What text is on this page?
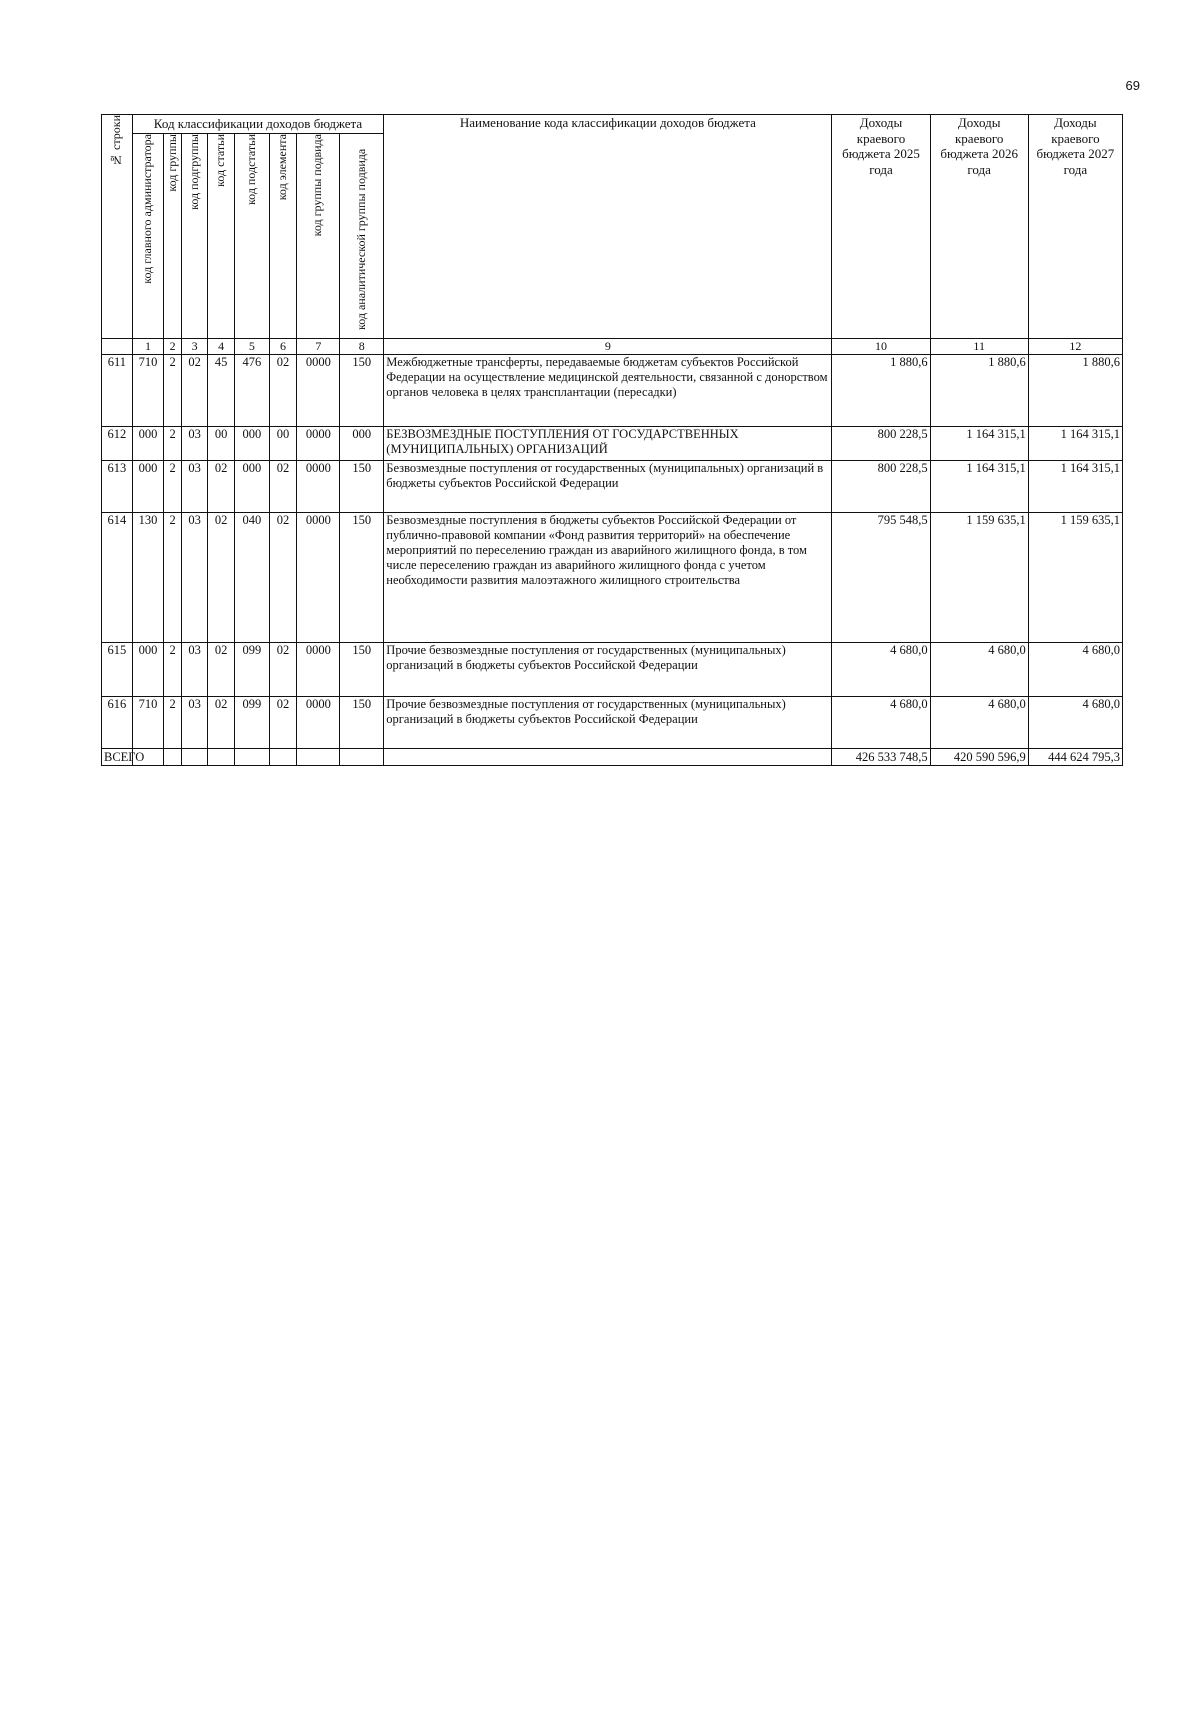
69
№ строки	Код классификации доходов бюджета								Наименование кода классификации доходов бюджета	Доходы краевого бюджета 2025 года	Доходы краевого бюджета 2026 года	Доходы краевого бюджета 2027 года

	код главного администратора	код группы	код подгруппы	код статьи	код подстатьи	код элемента	код группы подвида	код аналитической группы подвида				

	1	2	3	4	5	6	7	8	9	10	11	12
611	710	2	02	45	476	02	0000	150	Межбюджетные трансферты, передаваемые бюджетам субъектов Российской Федерации на осуществление медицинской деятельности, связанной с донорством органов человека в целях трансплантации (пересадки)	1 880,6	1 880,6	1 880,6
612	000	2	03	00	000	00	0000	000	БЕЗВОЗМЕЗДНЫЕ ПОСТУПЛЕНИЯ ОТ ГОСУДАРСТВЕННЫХ (МУНИЦИПАЛЬНЫХ) ОРГАНИЗАЦИЙ	800 228,5	1 164 315,1	1 164 315,1
613	000	2	03	02	000	02	0000	150	Безвозмездные поступления от государственных (муниципальных) организаций в бюджеты субъектов Российской Федерации	800 228,5	1 164 315,1	1 164 315,1
614	130	2	03	02	040	02	0000	150	Безвозмездные поступления в бюджеты субъектов Российской Федерации от публично-правовой компании «Фонд развития территорий» на обеспечение мероприятий по переселению граждан из аварийного жилищного фонда, в том числе переселению граждан из аварийного жилищного фонда с учетом необходимости развития малоэтажного жилищного строительства	795 548,5	1 159 635,1	1 159 635,1
615	000	2	03	02	099	02	0000	150	Прочие безвозмездные поступления от государственных (муниципальных) организаций в бюджеты субъектов Российской Федерации	4 680,0	4 680,0	4 680,0
616	710	2	03	02	099	02	0000	150	Прочие безвозмездные поступления от государственных (муниципальных) организаций в бюджеты субъектов Российской Федерации	4 680,0	4 680,0	4 680,0
ВСЕГО										426 533 748,5	420 590 596,9	444 624 795,3
